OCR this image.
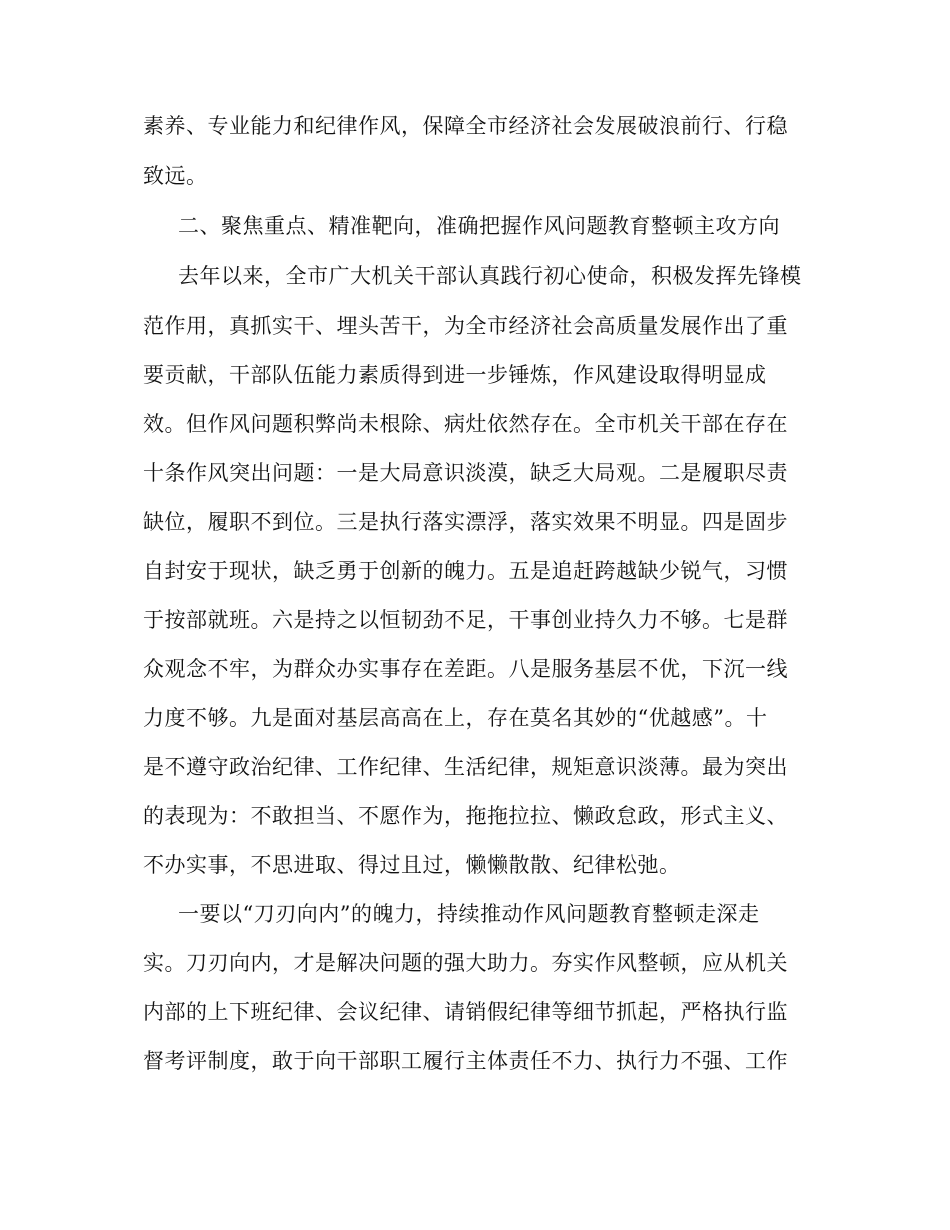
素养、专业能力和纪律作风，保障全市经济社会发展破浪前行、行稳
致远。
二、聚焦重点、精准靶向，准确把握作风问题教育整顿主攻方向
去年以来，全市广大机关干部认真践行初心使命，积极发挥先锋模
范作用，真抓实干、埋头苦干，为全市经济社会高质量发展作出了重
要贡献，干部队伍能力素质得到进一步锤炼，作风建设取得明显成
效。但作风问题积弊尚未根除、病灶依然存在。全市机关干部在存在
十条作风突出问题：一是大局意识淡漠，缺乏大局观。二是履职尽责
缺位，履职不到位。三是执行落实漂浮，落实效果不明显。四是固步
自封安于现状，缺乏勇于创新的魄力。五是追赶跨越缺少锐气，习惯
于按部就班。六是持之以恒韧劲不足，干事创业持久力不够。七是群
众观念不牢，为群众办实事存在差距。八是服务基层不优，下沉一线
力度不够。九是面对基层高高在上，存在莫名其妙的“优越感”。十
是不遵守政治纪律、工作纪律、生活纪律，规矩意识淡薄。最为突出
的表现为：不敢担当、不愿作为，拖拖拉拉、懒政怠政，形式主义、
不办实事，不思进取、得过且过，懒懒散散、纪律松弛。
一要以“刀刃向内”的魄力，持续推动作风问题教育整顿走深走
实。刀刃向内，才是解决问题的强大助力。夯实作风整顿，应从机关
内部的上下班纪律、会议纪律、请销假纪律等细节抓起，严格执行监
督考评制度，敢于向干部职工履行主体责任不力、执行力不强、工作
